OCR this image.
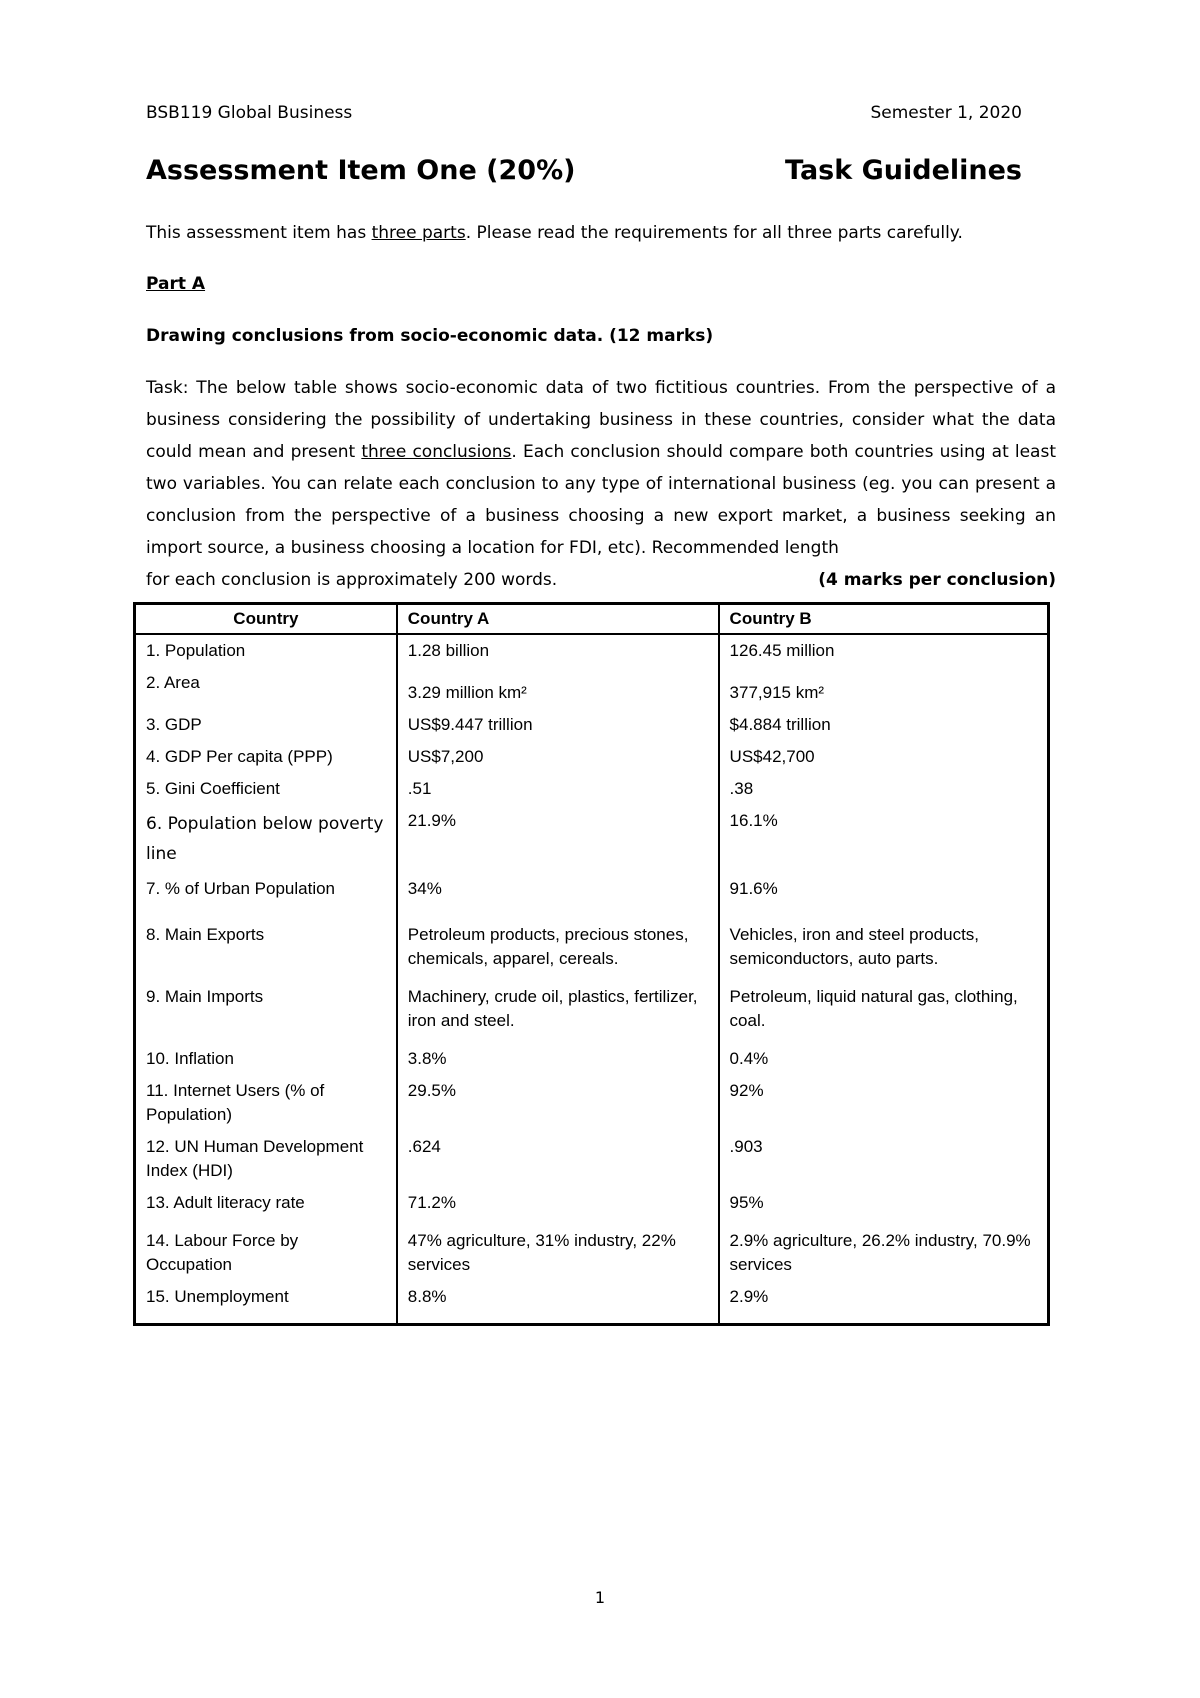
BSB119 Global Business	Semester 1, 2020
Assessment Item One (20%)	Task Guidelines
This assessment item has three parts. Please read the requirements for all three parts carefully.
Part A
Drawing conclusions from socio-economic data. (12 marks)
Task: The below table shows socio-economic data of two fictitious countries. From the perspective of a business considering the possibility of undertaking business in these countries, consider what the data could mean and present three conclusions. Each conclusion should compare both countries using at least two variables. You can relate each conclusion to any type of international business (eg. you can present a conclusion from the perspective of a business choosing a new export market, a business seeking an import source, a business choosing a location for FDI, etc). Recommended length
for each conclusion is approximately 200 words.	(4 marks per conclusion)
Country	Country A	Country B
1. Population	1.28 billion	126.45 million
2. Area	3.29 million km²	377,915 km²
3. GDP	US$9.447 trillion	$4.884 trillion
4. GDP Per capita (PPP)	US$7,200	US$42,700
5. Gini Coefficient	.51	.38
6. Population below poverty line	21.9%	16.1%
7. % of Urban Population	34%	91.6%
8. Main Exports	Petroleum products, precious stones, chemicals, apparel, cereals.	Vehicles, iron and steel products, semiconductors, auto parts.
9. Main Imports	Machinery, crude oil, plastics, fertilizer, iron and steel.	Petroleum, liquid natural gas, clothing, coal.
10. Inflation	3.8%	0.4%
11. Internet Users (% of Population)	29.5%	92%
12. UN Human Development Index (HDI)	.624	.903
13. Adult literacy rate	71.2%	95%
14. Labour Force by Occupation	47% agriculture, 31% industry, 22% services	2.9% agriculture, 26.2% industry, 70.9% services
15. Unemployment	8.8%	2.9%
1
